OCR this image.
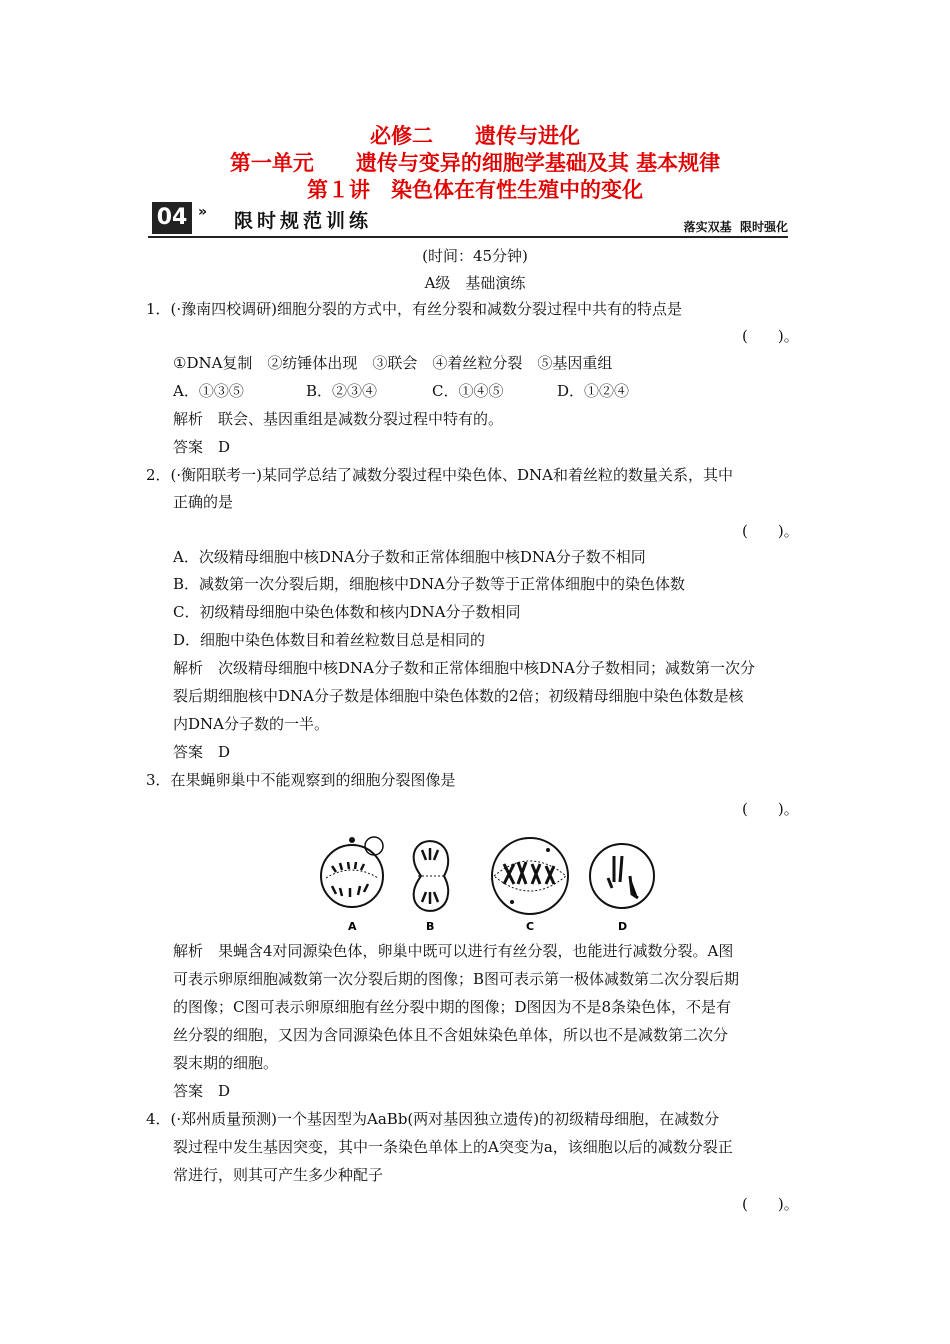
必修二　　遗传与进化
第一单元　　遗传与变异的细胞学基础及其 基本规律
第１讲　染色体在有性生殖中的变化
04 » 限时规范训练	落实双基  限时强化
(时间：45分钟)
A级　基础演练
1．(·豫南四校调研)细胞分裂的方式中，有丝分裂和减数分裂过程中共有的特点是
(　　)。
①DNA复制　②纺锤体出现　③联会　④着丝粒分裂　⑤基因重组
A．①③⑤	B．②③④	C．①④⑤	D．①②④
解析　联会、基因重组是减数分裂过程中特有的。
答案　D
2．(·衡阳联考一)某同学总结了减数分裂过程中染色体、DNA和着丝粒的数量关系，其中
正确的是
(　　)。
A．次级精母细胞中核DNA分子数和正常体细胞中核DNA分子数不相同
B．减数第一次分裂后期，细胞核中DNA分子数等于正常体细胞中的染色体数
C．初级精母细胞中染色体数和核内DNA分子数相同
D．细胞中染色体数目和着丝粒数目总是相同的
解析　次级精母细胞中核DNA分子数和正常体细胞中核DNA分子数相同；减数第一次分
裂后期细胞核中DNA分子数是体细胞中染色体数的2倍；初级精母细胞中染色体数是核
内DNA分子数的一半。
答案　D
3．在果蝇卵巢中不能观察到的细胞分裂图像是
(　　)。
A	B	C	D
解析　果蝇含4对同源染色体，卵巢中既可以进行有丝分裂，也能进行减数分裂。A图
可表示卵原细胞减数第一次分裂后期的图像；B图可表示第一极体减数第二次分裂后期
的图像；C图可表示卵原细胞有丝分裂中期的图像；D图因为不是8条染色体，不是有
丝分裂的细胞，又因为含同源染色体且不含姐妹染色单体，所以也不是减数第二次分
裂末期的细胞。
答案　D
4．(·郑州质量预测)一个基因型为AaBb(两对基因独立遗传)的初级精母细胞，在减数分
裂过程中发生基因突变，其中一条染色单体上的A突变为a，该细胞以后的减数分裂正
常进行，则其可产生多少种配子
(　　)。
